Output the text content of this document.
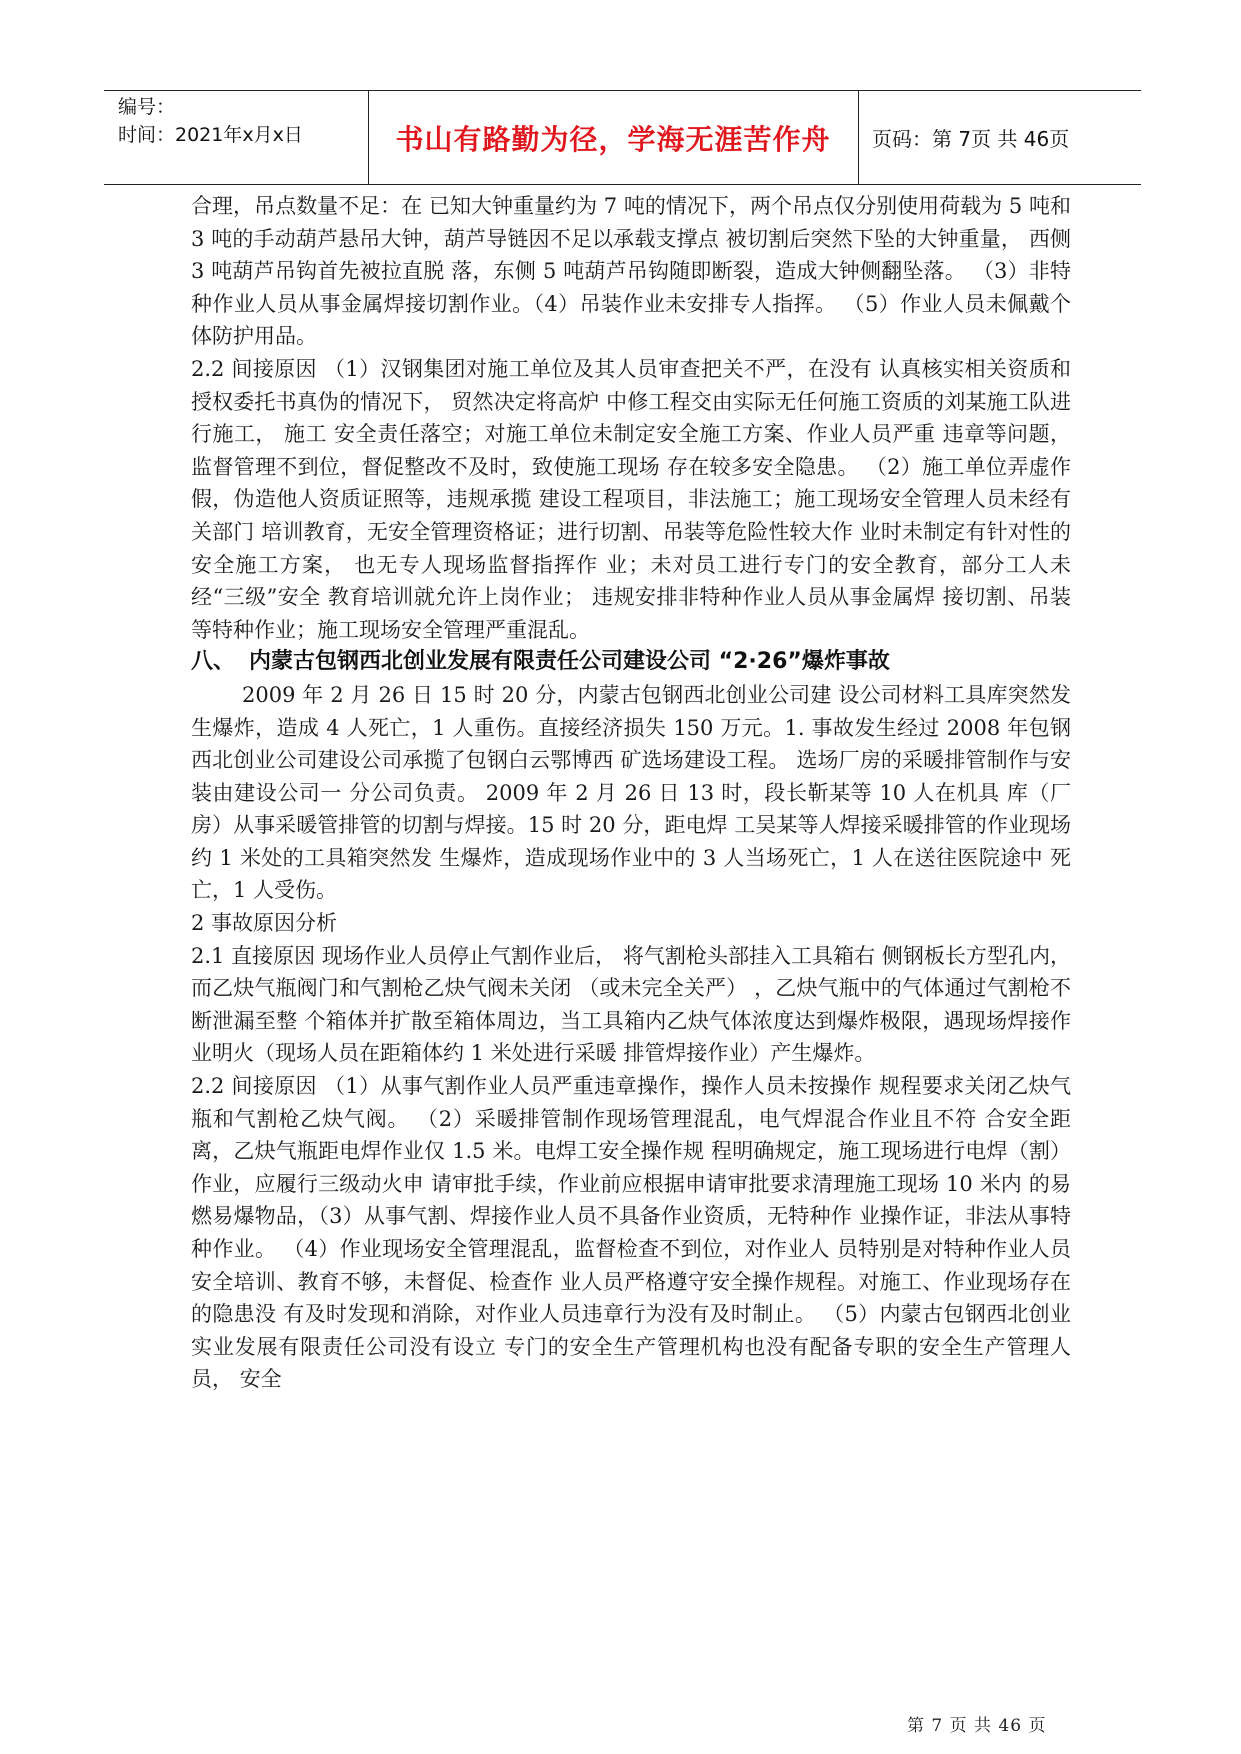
编号：
时间：2021年x月x日	书山有路勤为径，学海无涯苦作舟 页码：第 7页 共 46页

合理，吊点数量不足：在 已知大钟重量约为 7 吨的情况下，两个吊点仅分别使用荷载为 5 吨和 3 吨的手动葫芦悬吊大钟，葫芦导链因不足以承载支撑点 被切割后突然下坠的大钟重量， 西侧 3 吨葫芦吊钩首先被拉直脱 落，东侧 5 吨葫芦吊钩随即断裂，造成大钟侧翻坠落。 （3）非特种作业人员从事金属焊接切割作业。（4）吊装作业未安排专人指挥。 （5）作业人员未佩戴个体防护用品。

2.2 间接原因 （1）汉钢集团对施工单位及其人员审查把关不严，在没有 认真核实相关资质和授权委托书真伪的情况下， 贸然决定将高炉 中修工程交由实际无任何施工资质的刘某施工队进行施工， 施工 安全责任落空；对施工单位未制定安全施工方案、作业人员严重 违章等问题，监督管理不到位，督促整改不及时，致使施工现场 存在较多安全隐患。 （2）施工单位弄虚作假，伪造他人资质证照等，违规承揽 建设工程项目，非法施工；施工现场安全管理人员未经有关部门 培训教育，无安全管理资格证；进行切割、吊装等危险性较大作 业时未制定有针对性的安全施工方案， 也无专人现场监督指挥作 业；未对员工进行专门的安全教育，部分工人未经“三级”安全 教育培训就允许上岗作业； 违规安排非特种作业人员从事金属焊 接切割、吊装等特种作业；施工现场安全管理严重混乱。

八、 内蒙古包钢西北创业发展有限责任公司建设公司 “2·26”爆炸事故

2009 年 2 月 26 日 15 时 20 分，内蒙古包钢西北创业公司建 设公司材料工具库突然发生爆炸，造成 4 人死亡，1 人重伤。直接经济损失 150 万元。1. 事故发生经过 2008 年包钢西北创业公司建设公司承揽了包钢白云鄂博西 矿选场建设工程。 选场厂房的采暖排管制作与安装由建设公司一 分公司负责。 2009 年 2 月 26 日 13 时，段长靳某等 10 人在机具 库（厂房）从事采暖管排管的切割与焊接。15 时 20 分，距电焊 工吴某等人焊接采暖排管的作业现场约 1 米处的工具箱突然发 生爆炸，造成现场作业中的 3 人当场死亡，1 人在送往医院途中 死亡，1 人受伤。

2 事故原因分析

2.1 直接原因 现场作业人员停止气割作业后， 将气割枪头部挂入工具箱右 侧钢板长方型孔内，而乙炔气瓶阀门和气割枪乙炔气阀未关闭 （或未完全关严） ，乙炔气瓶中的气体通过气割枪不断泄漏至整 个箱体并扩散至箱体周边，当工具箱内乙炔气体浓度达到爆炸极限，遇现场焊接作业明火（现场人员在距箱体约 1 米处进行采暖 排管焊接作业）产生爆炸。

2.2 间接原因 （1）从事气割作业人员严重违章操作，操作人员未按操作 规程要求关闭乙炔气瓶和气割枪乙炔气阀。 （2）采暖排管制作现场管理混乱，电气焊混合作业且不符 合安全距离，乙炔气瓶距电焊作业仅 1.5 米。电焊工安全操作规 程明确规定，施工现场进行电焊（割）作业，应履行三级动火申 请审批手续，作业前应根据申请审批要求清理施工现场 10 米内 的易燃易爆物品，（3）从事气割、焊接作业人员不具备作业资质，无特种作 业操作证，非法从事特种作业。 （4）作业现场安全管理混乱，监督检查不到位，对作业人 员特别是对特种作业人员安全培训、教育不够，未督促、检查作 业人员严格遵守安全操作规程。对施工、作业现场存在的隐患没 有及时发现和消除，对作业人员违章行为没有及时制止。 （5）内蒙古包钢西北创业实业发展有限责任公司没有设立 专门的安全生产管理机构也没有配备专职的安全生产管理人员， 安全

第 7 页 共 46 页
